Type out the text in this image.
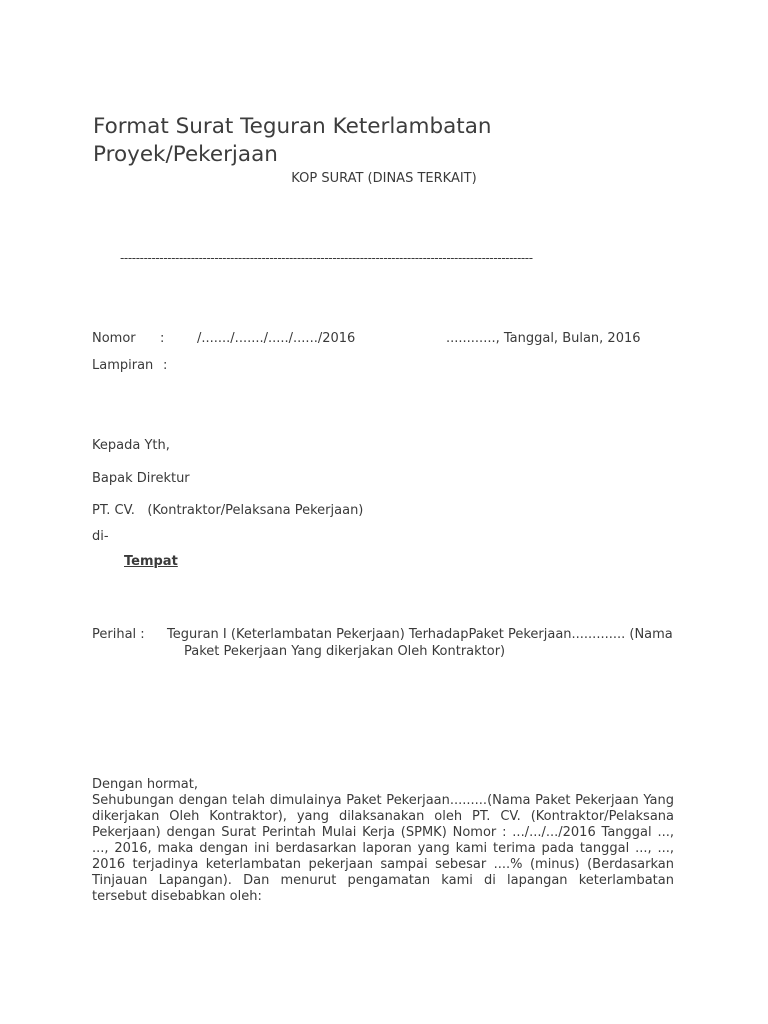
Format Surat Teguran Keterlambatan Proyek/Pekerjaan
KOP SURAT (DINAS TERKAIT)
---------------------------------------------------------------------------------------------------------
Nomor :	/......./......./...../....../2016	............, Tanggal, Bulan, 2016
Lampiran :
Kepada Yth,
Bapak Direktur
PT. CV.   (Kontraktor/Pelaksana Pekerjaan)
di-
Tempat
Perihal : Teguran I (Keterlambatan Pekerjaan) TerhadapPaket Pekerjaan............. (Nama
Paket Pekerjaan Yang dikerjakan Oleh Kontraktor)
Dengan hormat,

Sehubungan dengan telah dimulainya Paket Pekerjaan.........(Nama Paket Pekerjaan Yang dikerjakan Oleh Kontraktor), yang dilaksanakan oleh PT. CV. (Kontraktor/Pelaksana Pekerjaan) dengan Surat Perintah Mulai Kerja (SPMK) Nomor : .../.../.../2016 Tanggal ..., ..., 2016, maka dengan ini berdasarkan laporan yang kami terima pada tanggal ..., ..., 2016 terjadinya keterlambatan pekerjaan sampai sebesar ....% (minus) (Berdasarkan Tinjauan Lapangan). Dan menurut pengamatan kami di lapangan keterlambatan tersebut disebabkan oleh:
